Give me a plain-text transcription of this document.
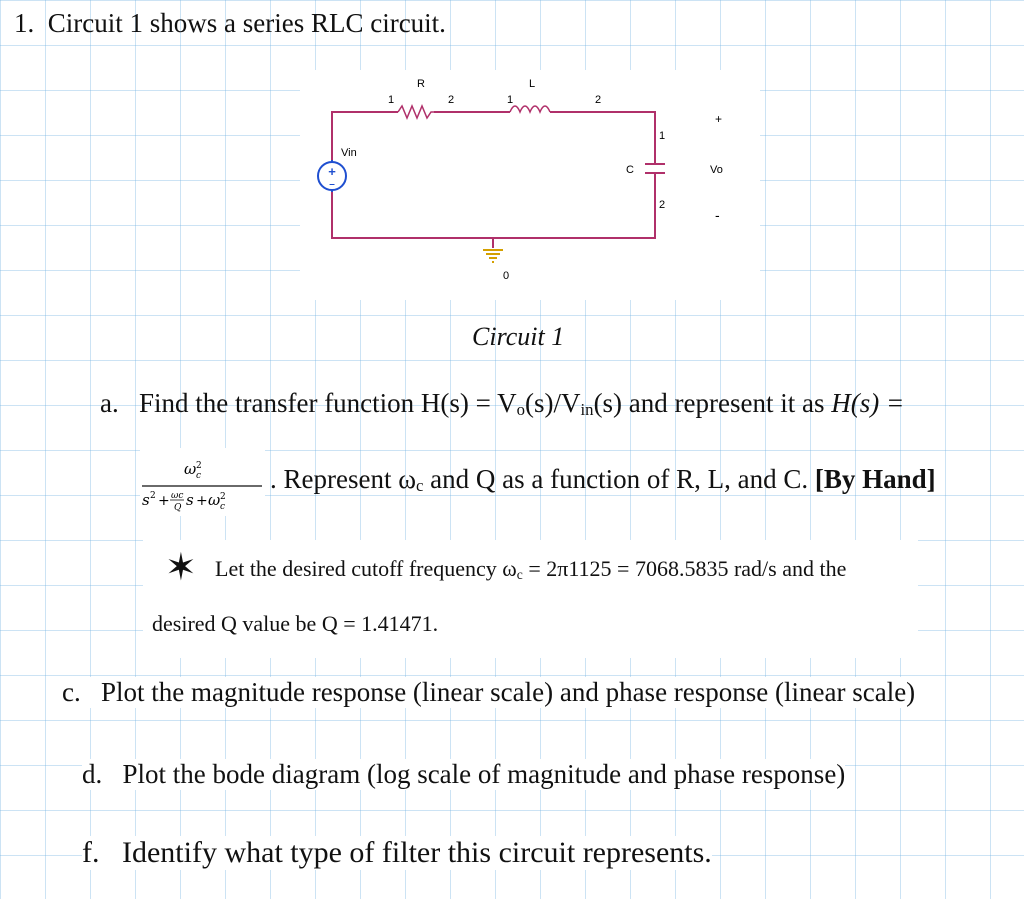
1. Circuit 1 shows a series RLC circuit.
+
–
R
1	2
L
1	2
C
1
2
Vin
0
+
Vo
-
Circuit 1
a. Find the transfer function $H(s) = V_o(s)/V_{in}(s)$ and represent it as H(s) =
ω 2
c
s 2 + ωc
Q s + ω 2
c
. Represent $\omega_c$ and Q as a function of R, L, and C. [By Hand]
✶ Let the desired cutoff frequency $\omega_c = 2\pi 1125 = 7068.5835$ rad/s and the
desired Q value be Q = 1.41471.
c. Plot the magnitude response (linear scale) and phase response (linear scale)
d. Plot the bode diagram (log scale of magnitude and phase response)
f. Identify what type of filter this circuit represents.
